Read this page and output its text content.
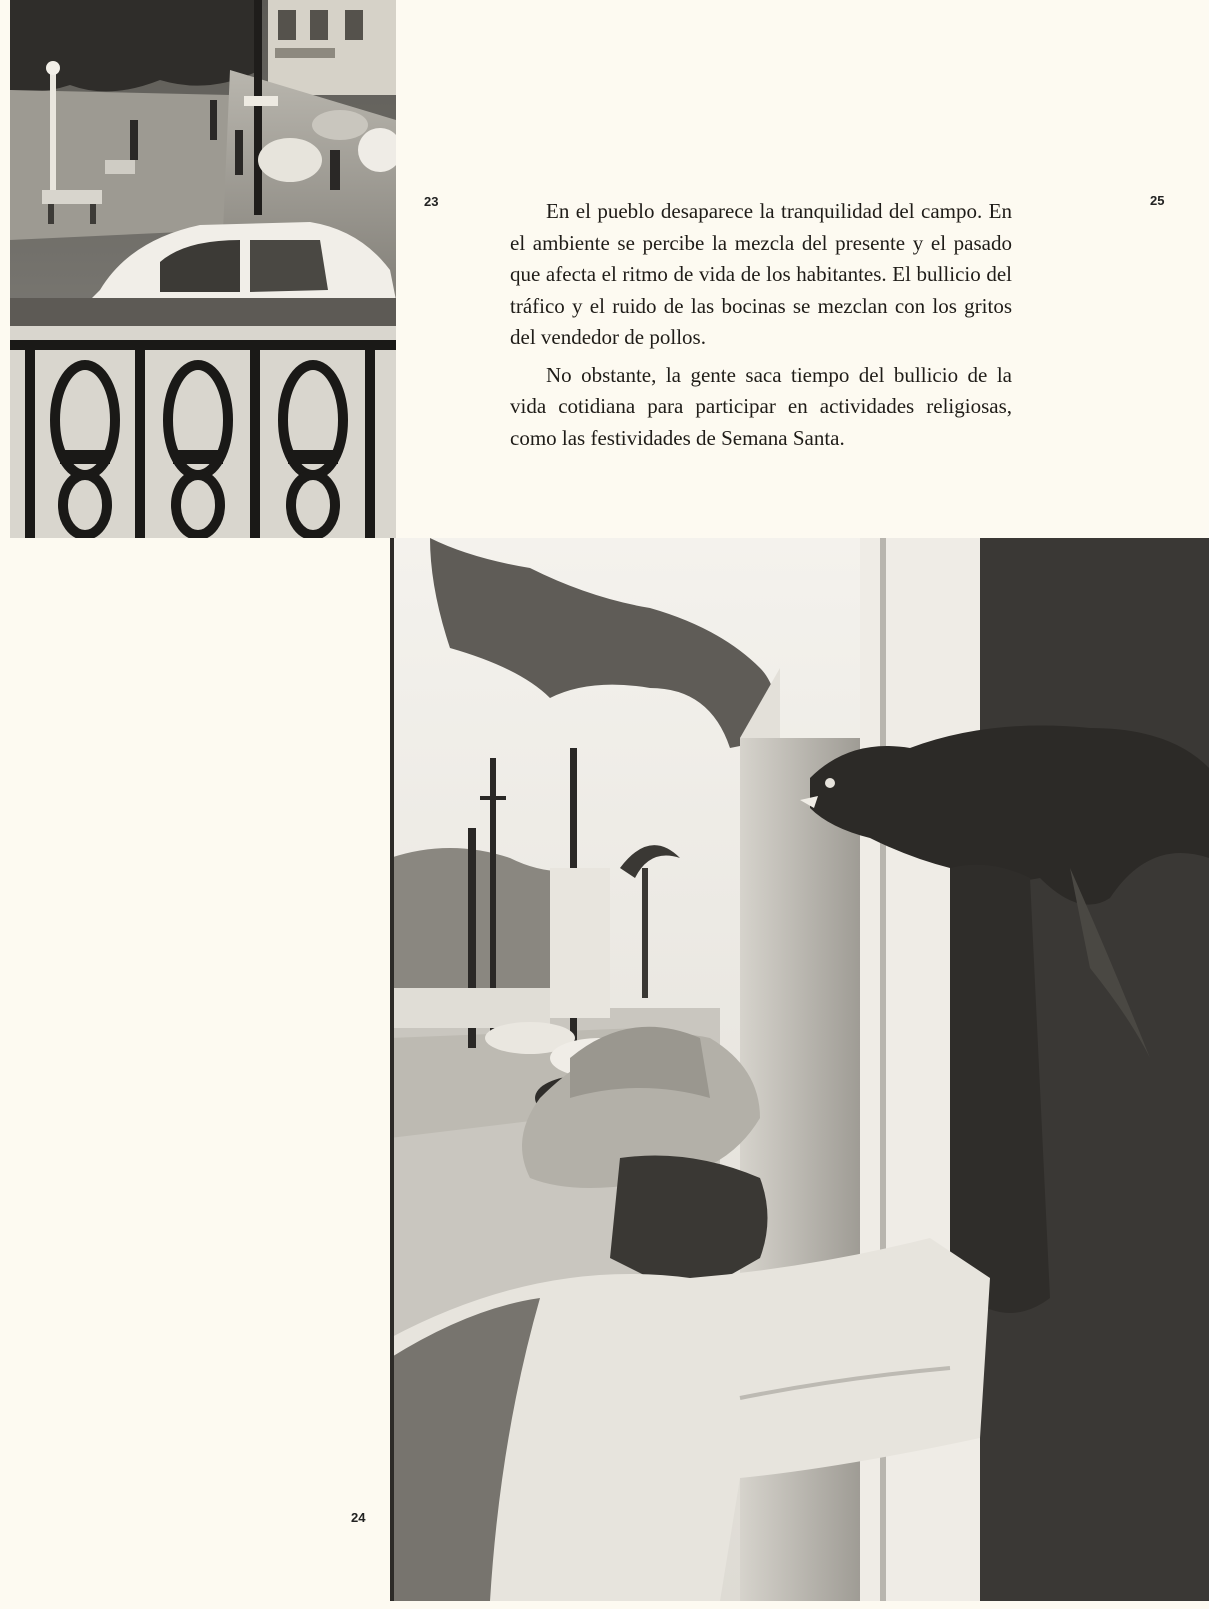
23	25

En el pueblo desaparece la tranquilidad del campo. En el ambiente se percibe la mezcla del presente y el pasado que afecta el ritmo de vida de los habitantes. El bullicio del tráfico y el ruido de las bocinas se mezclan con los gritos del vendedor de pollos.

No obstante, la gente saca tiempo del bullicio de la vida cotidiana para participar en actividades religiosas, como las festividades de Semana Santa.

24
